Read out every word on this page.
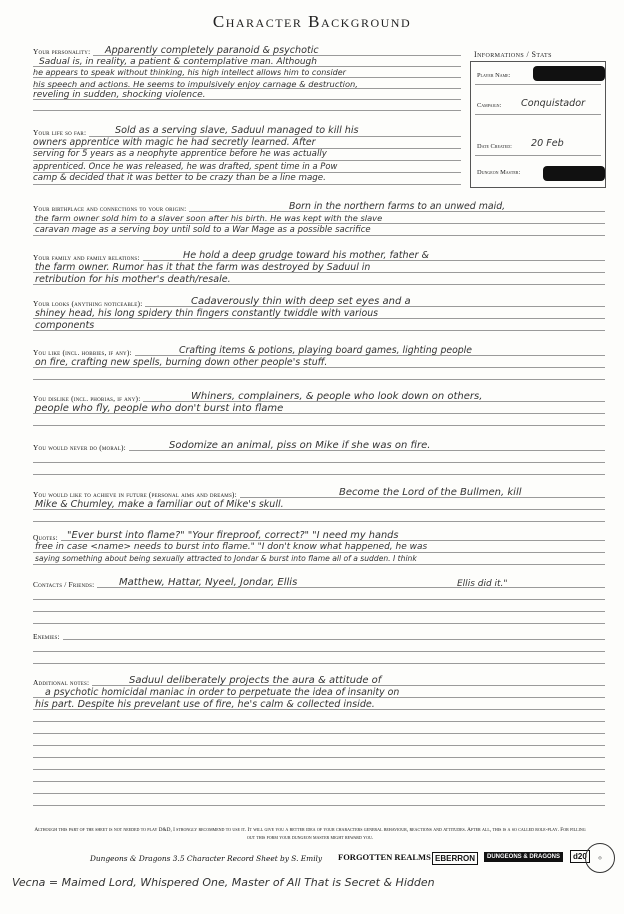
Character Background
Informations / Stats
Player Name:
Campaign:	Conquistador
Date Created:	20 Feb
Dungeon Master:
Your personality:	Apparently completely paranoid & psychotic
Sadual is, in reality, a patient & contemplative man. Although
he appears to speak without thinking, his high intellect allows him to consider
his speech and actions. He seems to impulsively enjoy carnage & destruction,
reveling in sudden, shocking violence.
Your life so far:	Sold as a serving slave, Saduul managed to kill his
owners apprentice with magic he had secretly learned. After
serving for 5 years as a neophyte apprentice before he was actually
apprenticed. Once he was released, he was drafted, spent time in a Pow
camp & decided that it was better to be crazy than be a line mage.
Your birthplace and connections to your origin:	Born in the northern farms to an unwed maid,
the farm owner sold him to a slaver soon after his birth. He was kept with the slave
caravan mage as a serving boy until sold to a War Mage as a possible sacrifice
Your family and family relations:	He hold a deep grudge toward his mother, father &
the farm owner. Rumor has it that the farm was destroyed by Saduul in
retribution for his mother's death/resale.
Your looks (anything noticeable):	Cadaverously thin with deep set eyes and a
shiney head, his long spidery thin fingers constantly twiddle with various
components
You like (incl. hobbies, if any):	Crafting items & potions, playing board games, lighting people
on fire, crafting new spells, burning down other people's stuff.
You dislike (incl. phobias, if any):	Whiners, complainers, & people who look down on others,
people who fly, people who don't burst into flame
You would never do (moral):	Sodomize an animal, piss on Mike if she was on fire.
You would like to achieve in future (personal aims and dreams):	Become the Lord of the Bullmen, kill
Mike & Chumley, make a familiar out of Mike's skull.
Quotes: "Ever burst into flame?" "Your fireproof, correct?" "I need my hands
free in case <name> needs to burst into flame." "I don't know what happened, he was
saying something about being sexually attracted to Jondar & burst into flame all of a sudden. I think
Contacts / Friends:	Matthew, Hattar, Nyeel, Jondar, Ellis	Ellis did it."
Enemies:
Additional notes:	Saduul deliberately projects the aura & attitude of
a psychotic homicidal maniac in order to perpetuate the idea of insanity on
his part. Despite his prevelant use of fire, he's calm & collected inside.
Although this part of the sheet is not needed to play D&D, I strongly recommend to use it. It will give you a better idea of your characters general behaviour, reactions and attitudes. After all, this is a so called role-play. For filling out this form your dungeon master might reward you.
Dungeons & Dragons 3.5 Character Record Sheet by S. Emily FORGOTTEN REALMS EBERRON	DUNGEONS & DRAGONS	d20	◎
Vecna = Maimed Lord, Whispered One, Master of All That is Secret & Hidden
